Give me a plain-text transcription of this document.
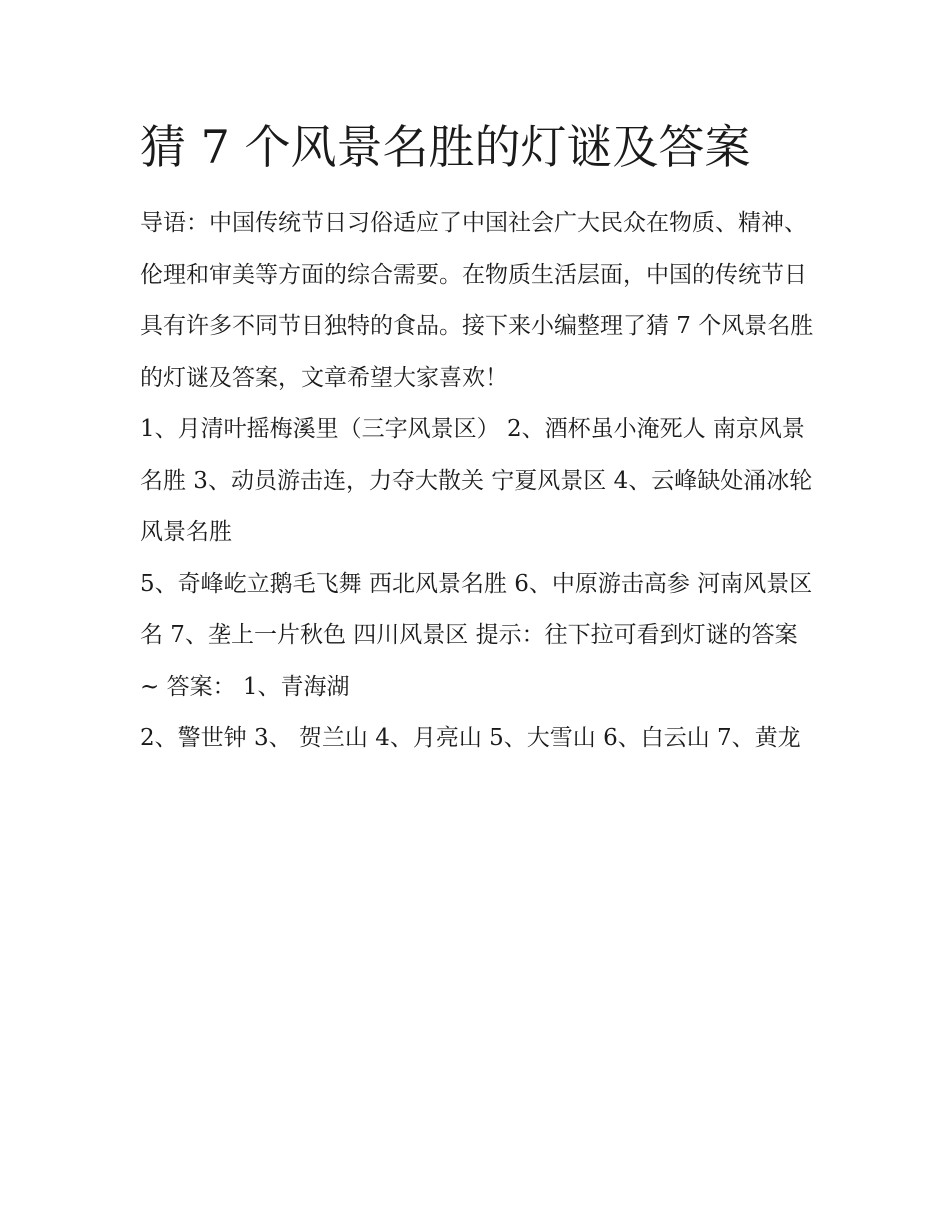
猜 7 个风景名胜的灯谜及答案

导语：中国传统节日习俗适应了中国社会广大民众在物质、精神、伦理和审美等方面的综合需要。在物质生活层面，中国的传统节日具有许多不同节日独特的食品。接下来小编整理了猜 7 个风景名胜的灯谜及答案，文章希望大家喜欢！

1、月清叶摇梅溪里（三字风景区） 2、酒杯虽小淹死人 南京风景名胜 3、动员游击连，力夺大散关 宁夏风景区 4、云峰缺处涌冰轮 风景名胜

5、奇峰屹立鹅毛飞舞 西北风景名胜 6、中原游击高参 河南风景区名 7、垄上一片秋色 四川风景区 提示：往下拉可看到灯谜的答案~ 答案： 1、青海湖

2、警世钟 3、 贺兰山 4、月亮山 5、大雪山 6、白云山 7、黄龙
